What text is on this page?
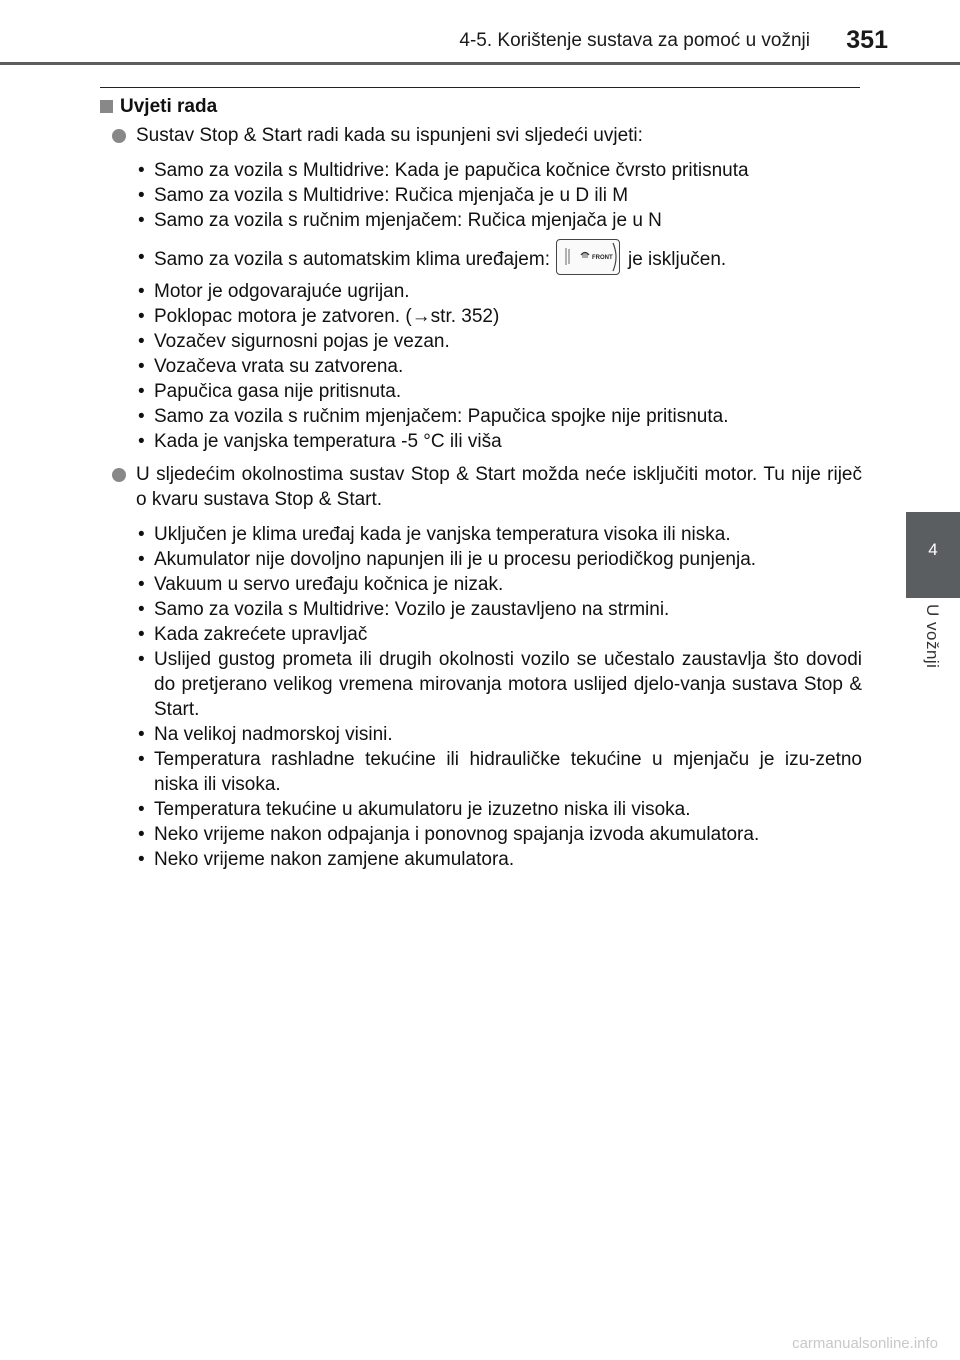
4-5. Korištenje sustava za pomoć u vožnji 351
4
U vožnji
Uvjeti rada
Sustav Stop & Start radi kada su ispunjeni svi sljedeći uvjeti:
• Samo za vozila s Multidrive: Kada je papučica kočnice čvrsto pritisnuta
• Samo za vozila s Multidrive: Ručica mjenjača je u D ili M
• Samo za vozila s ručnim mjenjačem: Ručica mjenjača je u N
• Samo za vozila s automatskim klima uređajem:	FRONT je isključen.
• Motor je odgovarajuće ugrijan.
• Poklopac motora je zatvoren. (→str. 352)
• Vozačev sigurnosni pojas je vezan.
• Vozačeva vrata su zatvorena.
• Papučica gasa nije pritisnuta.
• Samo za vozila s ručnim mjenjačem: Papučica spojke nije pritisnuta.
• Kada je vanjska temperatura -5 °C ili viša
U sljedećim okolnostima sustav Stop & Start možda neće isključiti motor. Tu nije riječ o kvaru sustava Stop & Start.
• Uključen je klima uređaj kada je vanjska temperatura visoka ili niska.
• Akumulator nije dovoljno napunjen ili je u procesu periodičkog punjenja.
• Vakuum u servo uređaju kočnica je nizak.
• Samo za vozila s Multidrive: Vozilo je zaustavljeno na strmini.
• Kada zakrećete upravljač
• Uslijed gustog prometa ili drugih okolnosti vozilo se učestalo zaustavlja što dovodi do pretjerano velikog vremena mirovanja motora uslijed djelo-vanja sustava Stop & Start.
• Na velikoj nadmorskoj visini.
• Temperatura rashladne tekućine ili hidrauličke tekućine u mjenjaču je izu-zetno niska ili visoka.
• Temperatura tekućine u akumulatoru je izuzetno niska ili visoka.
• Neko vrijeme nakon odpajanja i ponovnog spajanja izvoda akumulatora.
• Neko vrijeme nakon zamjene akumulatora.
carmanualsonline.info
